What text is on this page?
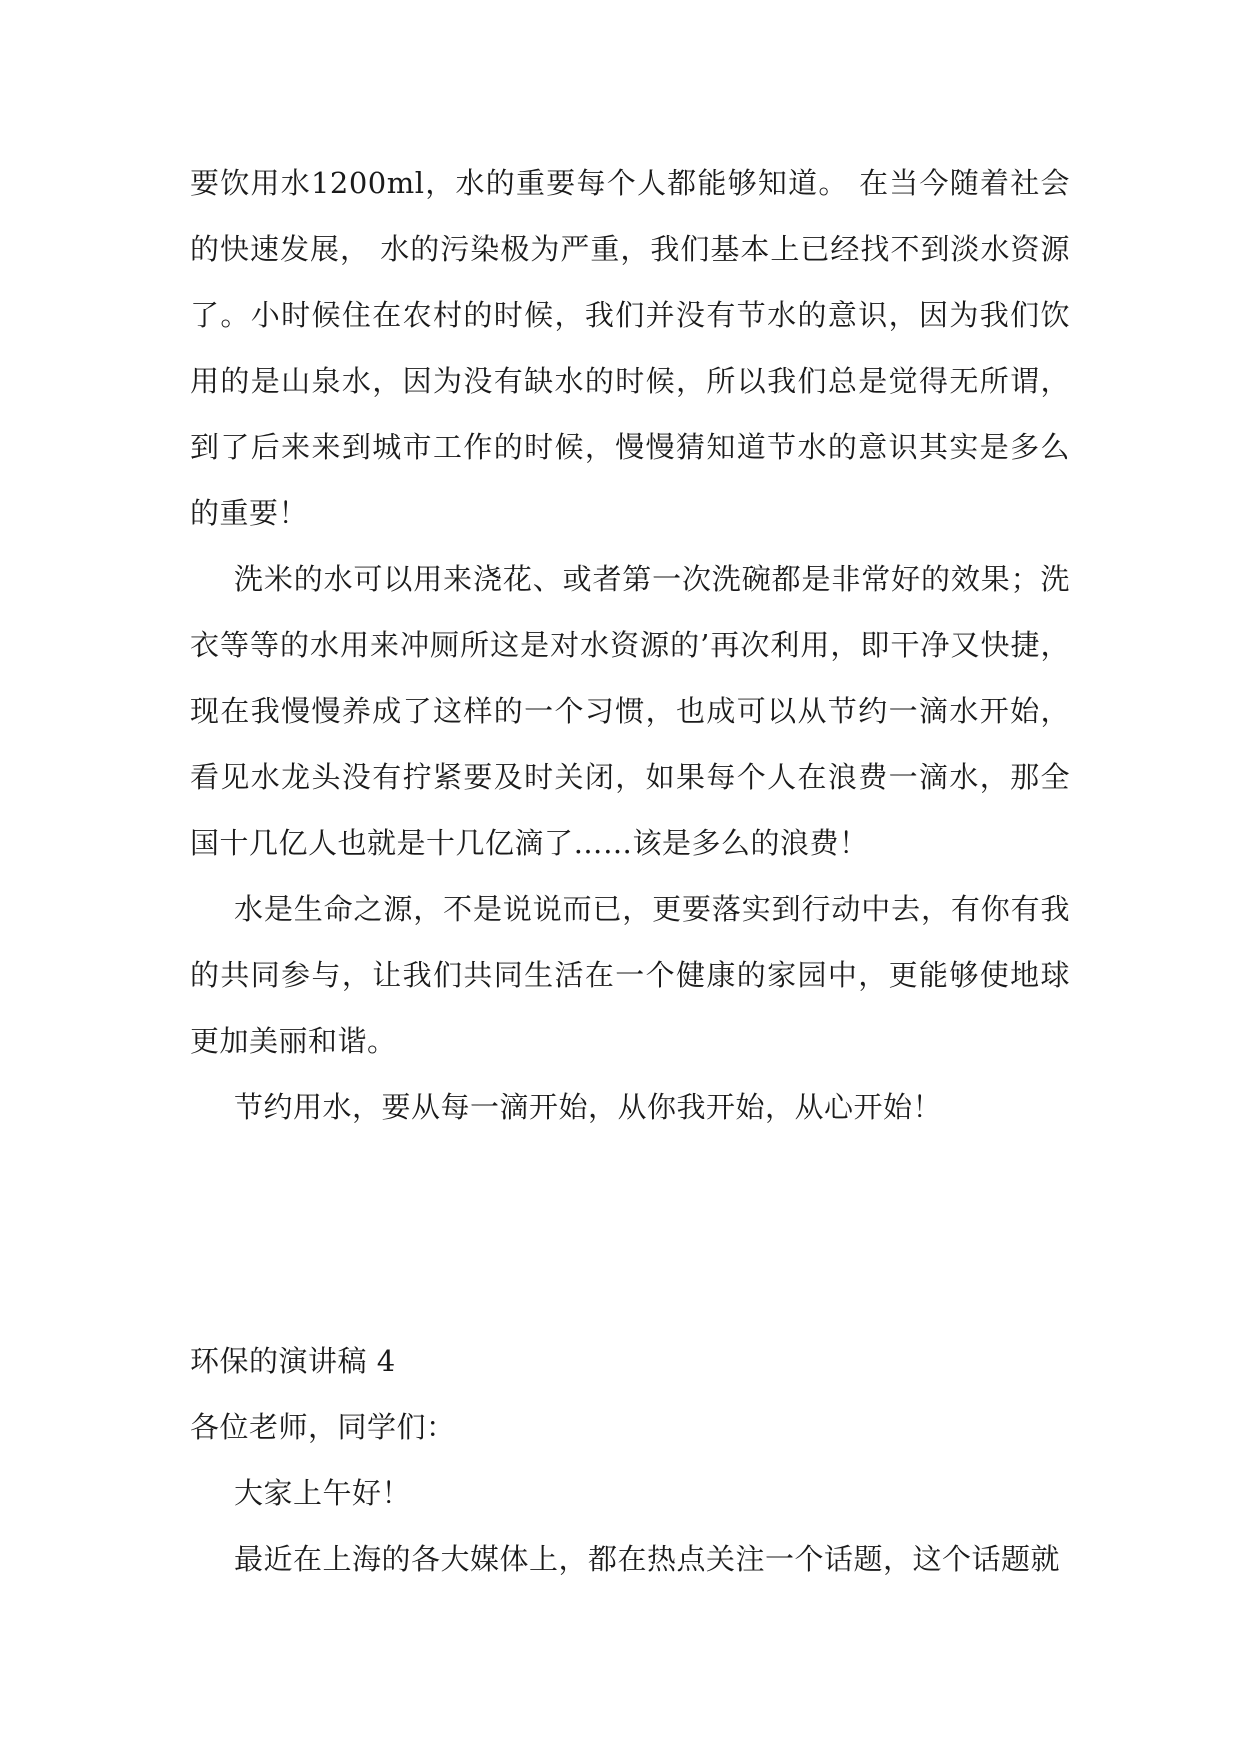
要饮用水1200ml，水的重要每个人都能够知道。 在当今随着社会的快速发展， 水的污染极为严重，我们基本上已经找不到淡水资源了。小时候住在农村的时候，我们并没有节水的意识，因为我们饮用的是山泉水，因为没有缺水的时候，所以我们总是觉得无所谓，到了后来来到城市工作的时候，慢慢猜知道节水的意识其实是多么的重要！

洗米的水可以用来浇花、或者第一次洗碗都是非常好的效果；洗衣等等的水用来冲厕所这是对水资源的’再次利用，即干净又快捷，现在我慢慢养成了这样的一个习惯，也成可以从节约一滴水开始，看见水龙头没有拧紧要及时关闭，如果每个人在浪费一滴水，那全国十几亿人也就是十几亿滴了……该是多么的浪费！

水是生命之源，不是说说而已，更要落实到行动中去，有你有我的共同参与，让我们共同生活在一个健康的家园中，更能够使地球更加美丽和谐。

节约用水，要从每一滴开始，从你我开始，从心开始！

环保的演讲稿 4

各位老师，同学们：

大家上午好！

最近在上海的各大媒体上，都在热点关注一个话题，这个话题就
